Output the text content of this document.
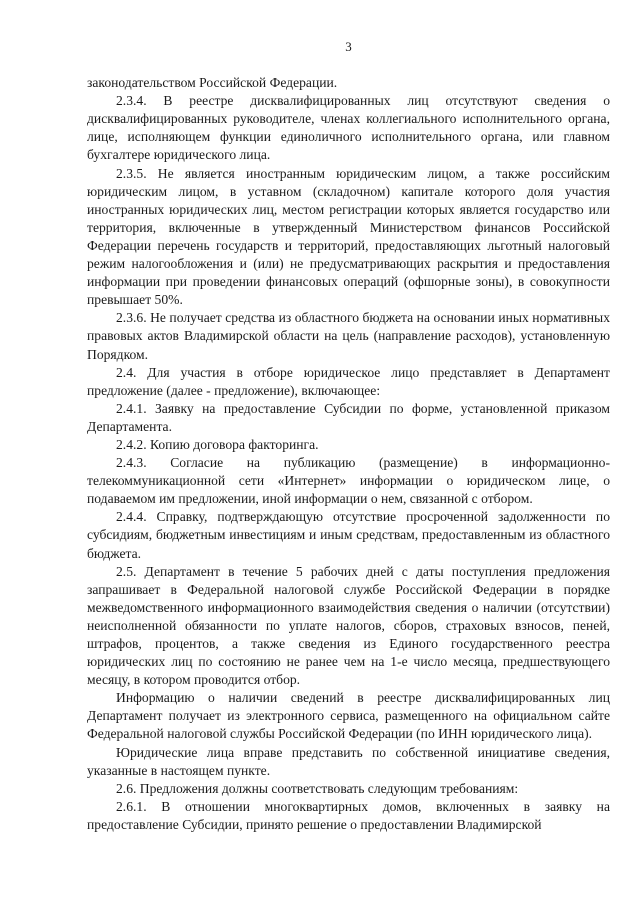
3

законодательством Российской Федерации.

2.3.4. В реестре дисквалифицированных лиц отсутствуют сведения о дисквалифицированных руководителе, членах коллегиального исполнительного органа, лице, исполняющем функции единоличного исполнительного органа, или главном бухгалтере юридического лица.

2.3.5. Не является иностранным юридическим лицом, а также российским юридическим лицом, в уставном (складочном) капитале которого доля участия иностранных юридических лиц, местом регистрации которых является государство или территория, включенные в утвержденный Министерством финансов Российской Федерации перечень государств и территорий, предоставляющих льготный налоговый режим налогообложения и (или) не предусматривающих раскрытия и предоставления информации при проведении финансовых операций (офшорные зоны), в совокупности превышает 50%.

2.3.6. Не получает средства из областного бюджета на основании иных нормативных правовых актов Владимирской области на цель (направление расходов), установленную Порядком.

2.4. Для участия в отборе юридическое лицо представляет в Департамент предложение (далее - предложение), включающее:

2.4.1. Заявку на предоставление Субсидии по форме, установленной приказом Департамента.

2.4.2. Копию договора факторинга.

2.4.3. Согласие на публикацию (размещение) в информационно-телекоммуникационной сети «Интернет» информации о юридическом лице, о подаваемом им предложении, иной информации о нем, связанной с отбором.

2.4.4. Справку, подтверждающую отсутствие просроченной задолженности по субсидиям, бюджетным инвестициям и иным средствам, предоставленным из областного бюджета.

2.5. Департамент в течение 5 рабочих дней с даты поступления предложения запрашивает в Федеральной налоговой службе Российской Федерации в порядке межведомственного информационного взаимодействия сведения о наличии (отсутствии) неисполненной обязанности по уплате налогов, сборов, страховых взносов, пеней, штрафов, процентов, а также сведения из Единого государственного реестра юридических лиц по состоянию не ранее чем на 1-е число месяца, предшествующего месяцу, в котором проводится отбор.

Информацию о наличии сведений в реестре дисквалифицированных лиц Департамент получает из электронного сервиса, размещенного на официальном сайте Федеральной налоговой службы Российской Федерации (по ИНН юридического лица).

Юридические лица вправе представить по собственной инициативе сведения, указанные в настоящем пункте.

2.6. Предложения должны соответствовать следующим требованиям:

2.6.1. В отношении многоквартирных домов, включенных в заявку на предоставление Субсидии, принято решение о предоставлении Владимирской
